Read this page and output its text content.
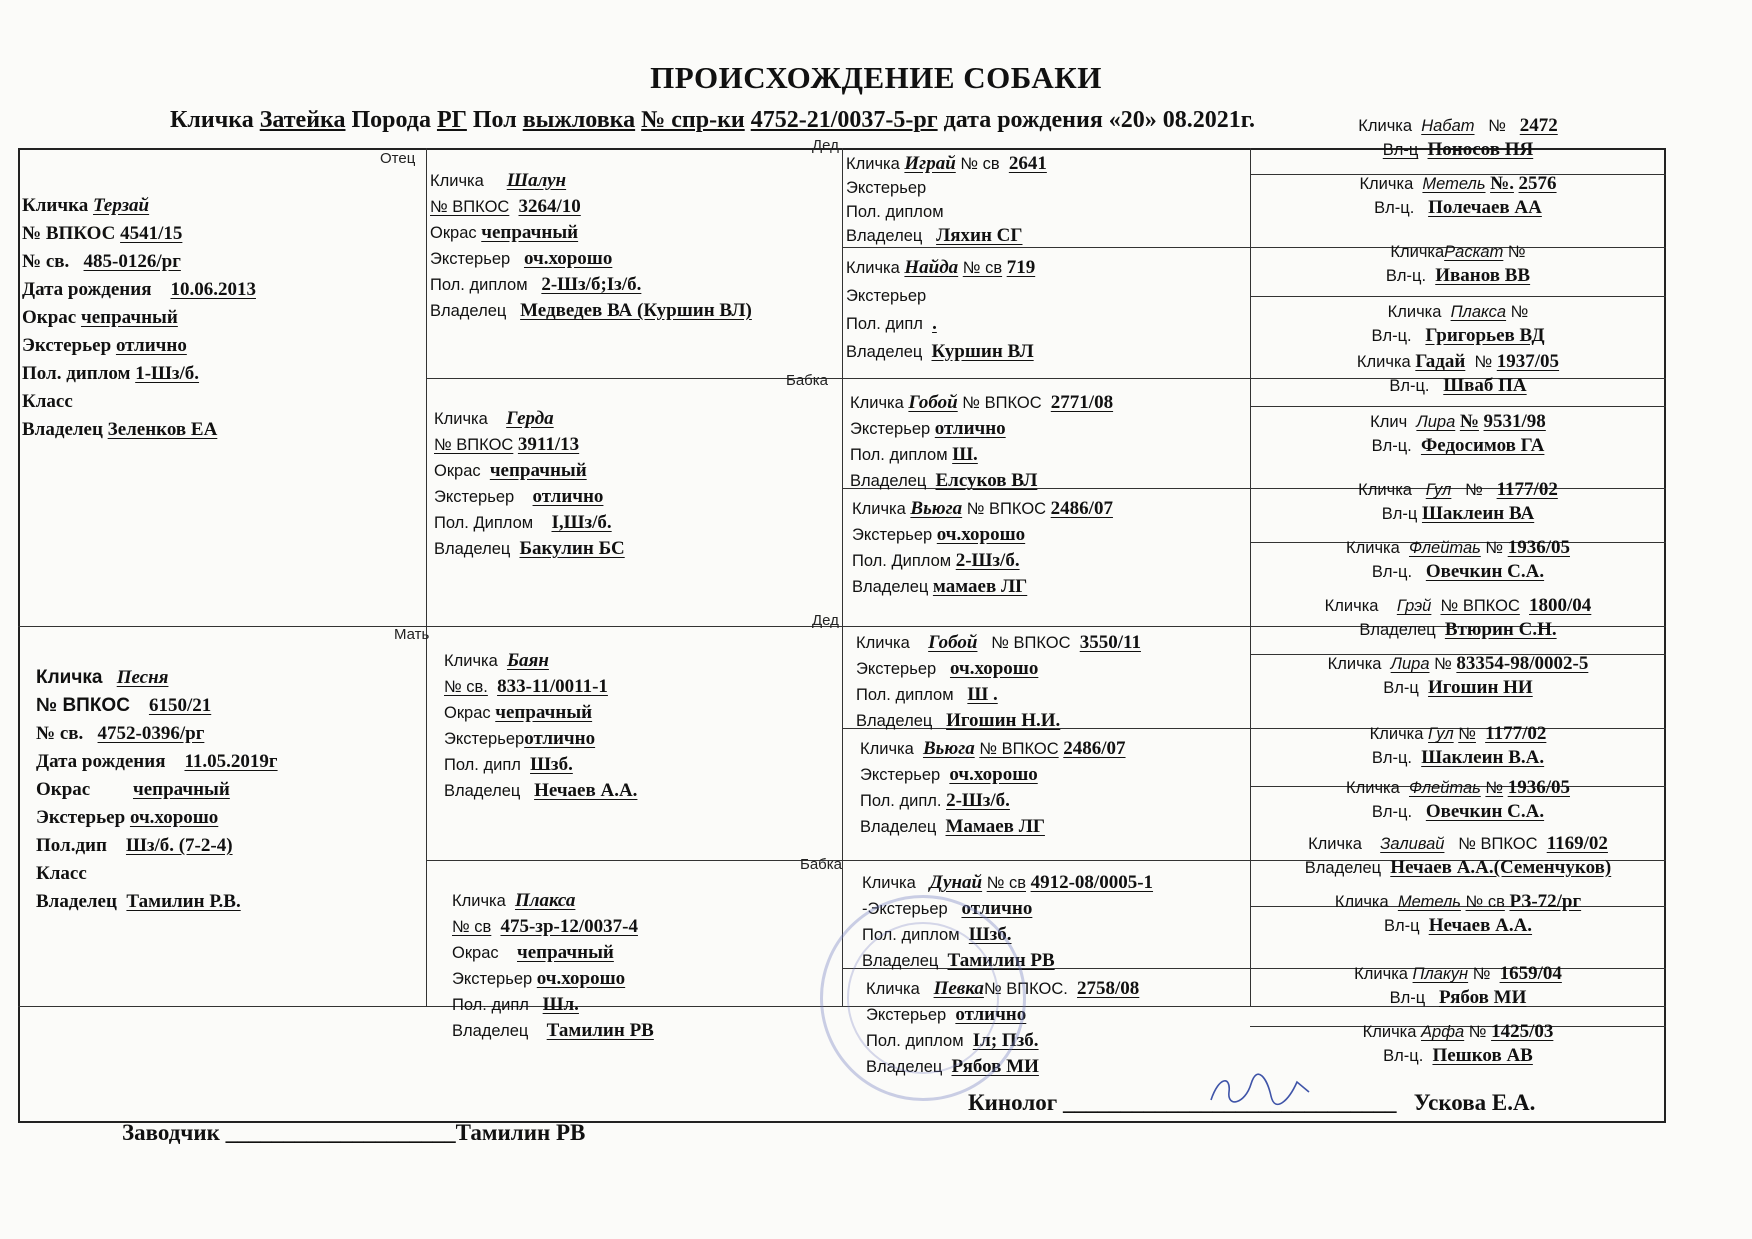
ПРОИСХОЖДЕНИЕ СОБАКИ
Кличка Затейка Порода РГ Пол выжловка № спр-ки 4752-21/0037-5-рг дата рождения «20» 08.2021г.
Отец
Дед
Бабка
Мать
Дед
Бабка
Кличка Терзай
№ ВПКОС 4541/15
№ св. 485-0126/рг
Дата рождения 10.06.2013
Окрас чепрачный
Экстерьер отлично
Пол. диплом 1-Шз/б.
Класс
Владелец Зеленков ЕА
Кличка Песня
№ ВПКОС 6150/21
№ св. 4752-0396/рг
Дата рождения 11.05.2019г
Окрас чепрачный
Экстерьер оч.хорошо
Пол.дип Шз/б. (7-2-4)
Класс
Владелец Тамилин Р.В.
Кличка Шалун
№ ВПКОС 3264/10
Окрас чепрачный
Экстерьер оч.хорошо
Пол. диплом 2-Шз/б;Iз/б.
Владелец Медведев ВА (Куршин ВЛ)
Кличка Герда
№ ВПКОС 3911/13
Окрас чепрачный
Экстерьер отлично
Пол. Диплом I,Шз/б.
Владелец Бакулин БС
Кличка Баян
№ св. 833-11/0011-1
Окрас чепрачный
Экстерьеротлично
Пол. дипл Шзб.
Владелец Нечаев А.А.
Кличка Плакса
№ св 475-зр-12/0037-4
Окрас чепрачный
Экстерьер оч.хорошо
Пол. дипл Шл.
Владелец Тамилин РВ
Кличка Играй № св 2641
Экстерьер
Пол. диплом
Владелец Ляхин СГ
Кличка Найда № св 719
Экстерьер
Пол. дипл .
Владелец Куршин ВЛ
Кличка Гобой № ВПКОС 2771/08
Экстерьер отлично
Пол. диплом Ш.
Владелец Елсуков ВЛ
Кличка Вьюга № ВПКОС 2486/07
Экстерьер оч.хорошо
Пол. Диплом 2-Шз/б.
Владелец мамаев ЛГ
Кличка Гобой № ВПКОС 3550/11
Экстерьер оч.хорошо
Пол. диплом Ш .
Владелец Игошин Н.И.
Кличка Вьюга № ВПКОС 2486/07
Экстерьер оч.хорошо
Пол. дипл. 2-Шз/б.
Владелец Мамаев ЛГ
Кличка Дунай № св 4912-08/0005-1
-Экстерьер отлично
Пол. диплом Шзб.
Владелец Тамилин РВ
Кличка Певка№ ВПКОС. 2758/08
Экстерьер отлично
Пол. диплом Iл; Пзб.
Владелец Рябов МИ
Кличка Набат № 2472
Вл-ц Поносов ПЯ
Кличка Метель №. 2576
Вл-ц. Полечаев АА
КличкаРаскат №
Вл-ц. Иванов ВВ
Кличка Плакса №
Вл-ц. Григорьев ВД
Кличка Гадай № 1937/05
Вл-ц. Шваб ПА
Клич Лира № 9531/98
Вл-ц. Федосимов ГА
Кличка Гул № 1177/02
Вл-ц Шаклеин ВА
Кличка Флейтаь № 1936/05
Вл-ц. Овечкин С.А.
Кличка Грэй № ВПКОС 1800/04
Владелец Втюрин С.Н.
Кличка Лира № 83354-98/0002-5
Вл-ц Игошин НИ
Кличка Гул № 1177/02
Вл-ц. Шаклеин В.А.
Кличка Флейтаь № 1936/05
Вл-ц. Овечкин С.А.
Кличка Заливай № ВПКОС 1169/02
Владелец Нечаев А.А.(Семенчуков)
Кличка Метель № св РЗ-72/рг
Вл-ц Нечаев А.А.
Кличка Плакун № 1659/04
Вл-ц Рябов МИ
Кличка Арфа № 1425/03
Вл-ц. Пешков АВ
Заводчик ____________________Тамилин РВ
Кинолог _____________________________ Ускова Е.А.
